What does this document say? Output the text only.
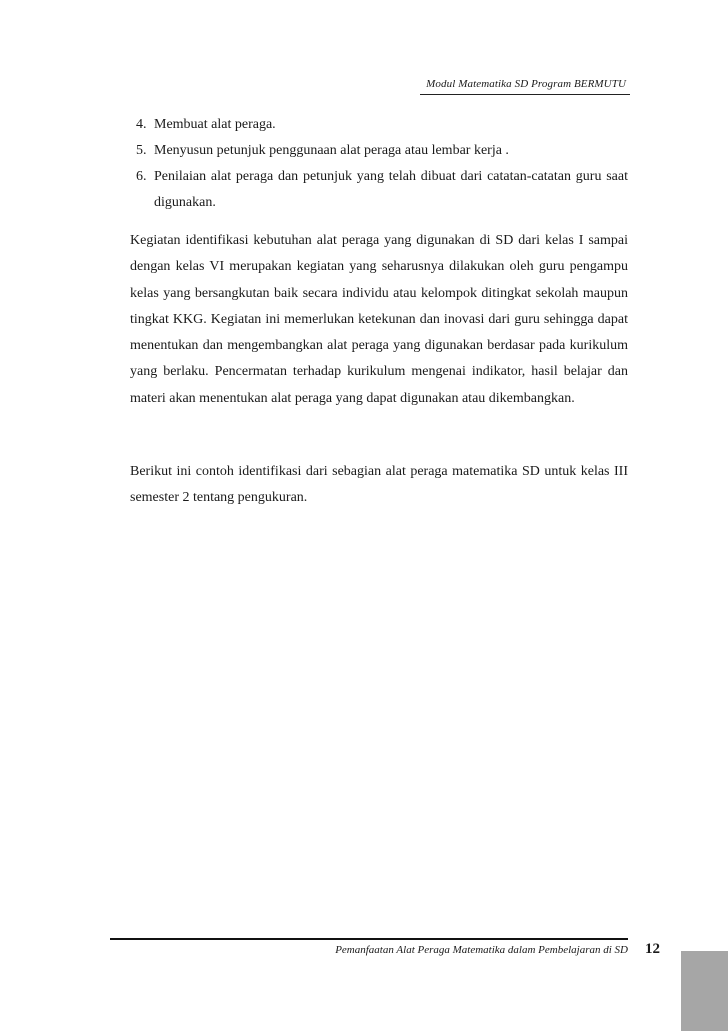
Modul Matematika SD Program BERMUTU
4. Membuat alat peraga.
5. Menyusun petunjuk penggunaan alat peraga atau lembar kerja .
6. Penilaian alat peraga dan petunjuk yang telah dibuat dari catatan-catatan guru saat digunakan.

Kegiatan identifikasi kebutuhan alat peraga yang digunakan di SD dari kelas I sampai dengan kelas VI merupakan kegiatan yang seharusnya dilakukan oleh guru pengampu kelas yang bersangkutan baik secara individu atau kelompok ditingkat sekolah maupun tingkat KKG. Kegiatan ini memerlukan ketekunan dan inovasi dari guru sehingga dapat menentukan dan mengembangkan alat peraga yang digunakan berdasar pada kurikulum yang berlaku. Pencermatan terhadap kurikulum mengenai indikator, hasil belajar dan materi akan menentukan alat peraga yang dapat digunakan atau dikembangkan.

Berikut ini contoh identifikasi dari sebagian alat peraga matematika SD untuk kelas III semester 2 tentang pengukuran.

Pemanfaatan Alat Peraga Matematika dalam Pembelajaran di SD 12
